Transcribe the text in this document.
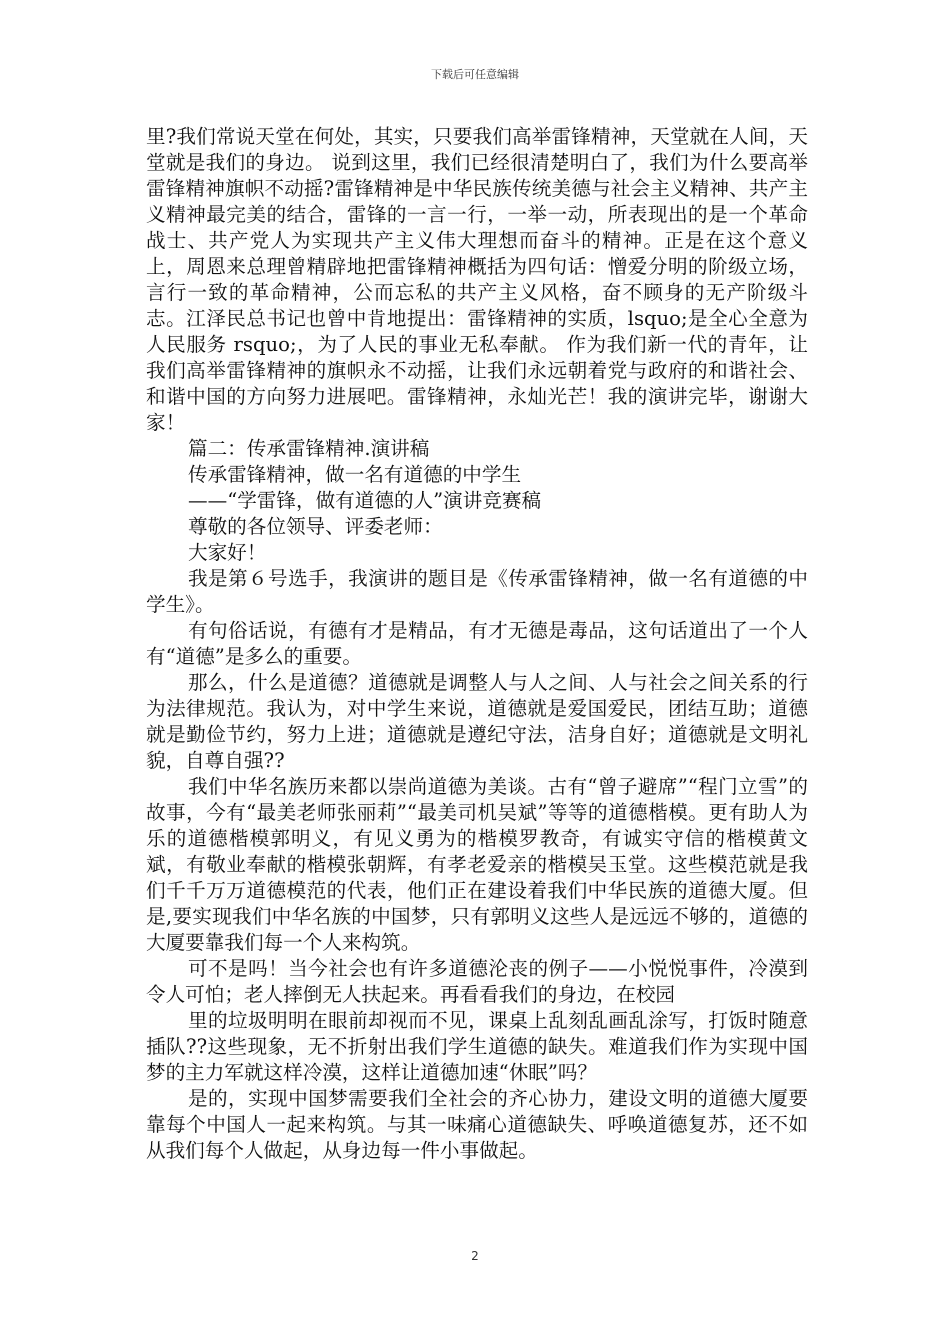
下载后可任意编辑

里?我们常说天堂在何处，其实，只要我们高举雷锋精神，天堂就在人间，天堂就是我们的身边。 说到这里，我们已经很清楚明白了，我们为什么要高举雷锋精神旗帜不动摇?雷锋精神是中华民族传统美德与社会主义精神、共产主义精神最完美的结合，雷锋的一言一行，一举一动，所表现出的是一个革命战士、共产党人为实现共产主义伟大理想而奋斗的精神。正是在这个意义上，周恩来总理曾精辟地把雷锋精神概括为四句话：憎爱分明的阶级立场，言行一致的革命精神，公而忘私的共产主义风格，奋不顾身的无产阶级斗志。江泽民总书记也曾中肯地提出：雷锋精神的实质，lsquo;是全心全意为人民服务 rsquo;，为了人民的事业无私奉献。 作为我们新一代的青年，让我们高举雷锋精神的旗帜永不动摇，让我们永远朝着党与政府的和谐社会、和谐中国的方向努力进展吧。雷锋精神，永灿光芒！我的演讲完毕，谢谢大家！

篇二：传承雷锋精神.演讲稿

传承雷锋精神，做一名有道德的中学生

——“学雷锋，做有道德的人”演讲竞赛稿

尊敬的各位领导、评委老师：

大家好！

我是第６号选手，我演讲的题目是《传承雷锋精神，做一名有道德的中学生》。

有句俗话说，有德有才是精品，有才无德是毒品，这句话道出了一个人有“道德”是多么的重要。

那么，什么是道德？道德就是调整人与人之间、人与社会之间关系的行为法律规范。我认为，对中学生来说，道德就是爱国爱民，团结互助；道德就是勤俭节约，努力上进；道德就是遵纪守法，洁身自好；道德就是文明礼貌，自尊自强??

我们中华名族历来都以崇尚道德为美谈。古有“曾子避席”“程门立雪”的故事，今有“最美老师张丽莉”“最美司机吴斌”等等的道德楷模。更有助人为乐的道德楷模郭明义，有见义勇为的楷模罗教奇，有诚实守信的楷模黄文斌，有敬业奉献的楷模张朝辉，有孝老爱亲的楷模吴玉堂。这些模范就是我们千千万万道德模范的代表，他们正在建设着我们中华民族的道德大厦。但是,要实现我们中华名族的中国梦，只有郭明义这些人是远远不够的，道德的大厦要靠我们每一个人来构筑。

可不是吗！当今社会也有许多道德沦丧的例子——小悦悦事件，冷漠到令人可怕；老人摔倒无人扶起来。再看看我们的身边，在校园

里的垃圾明明在眼前却视而不见，课桌上乱刻乱画乱涂写，打饭时随意插队??这些现象，无不折射出我们学生道德的缺失。难道我们作为实现中国梦的主力军就这样冷漠，这样让道德加速“休眠”吗？

是的，实现中国梦需要我们全社会的齐心协力，建设文明的道德大厦要靠每个中国人一起来构筑。与其一味痛心道德缺失、呼唤道德复苏，还不如从我们每个人做起，从身边每一件小事做起。

2
